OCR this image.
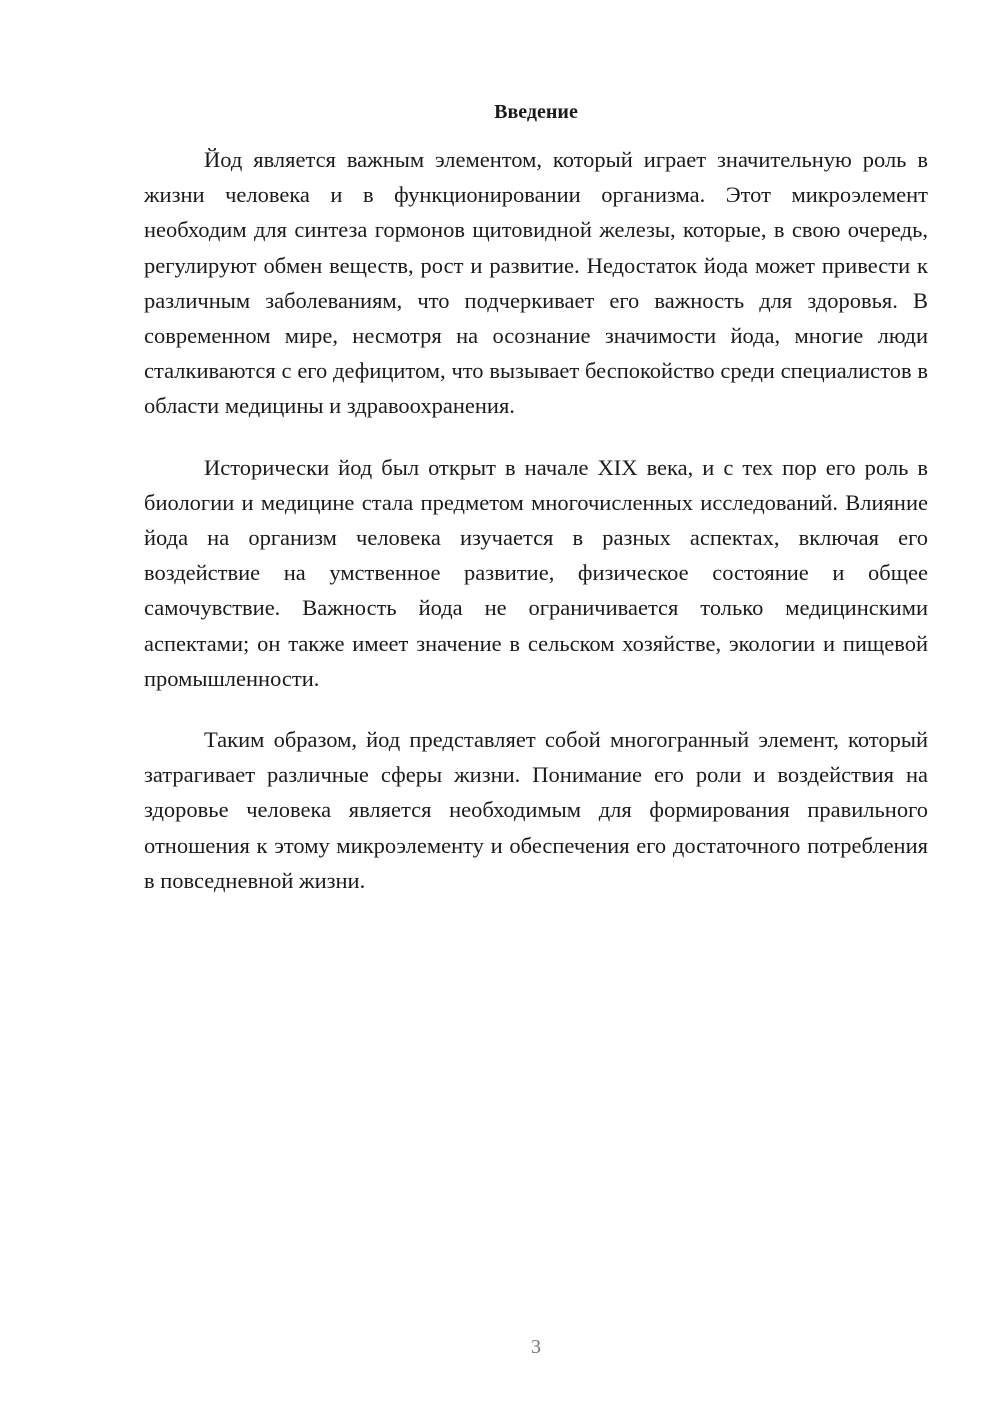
Введение

Йод является важным элементом, который играет значительную роль в жизни человека и в функционировании организма. Этот микроэлемент необходим для синтеза гормонов щитовидной железы, которые, в свою очередь, регулируют обмен веществ, рост и развитие. Недостаток йода может привести к различным заболеваниям, что подчеркивает его важность для здоровья. В современном мире, несмотря на осознание значимости йода, многие люди сталкиваются с его дефицитом, что вызывает беспокойство среди специалистов в области медицины и здравоохранения.

Исторически йод был открыт в начале XIX века, и с тех пор его роль в биологии и медицине стала предметом многочисленных исследований. Влияние йода на организм человека изучается в разных аспектах, включая его воздействие на умственное развитие, физическое состояние и общее самочувствие. Важность йода не ограничивается только медицинскими аспектами; он также имеет значение в сельском хозяйстве, экологии и пищевой промышленности.

Таким образом, йод представляет собой многогранный элемент, который затрагивает различные сферы жизни. Понимание его роли и воздействия на здоровье человека является необходимым для формирования правильного отношения к этому микроэлементу и обеспечения его достаточного потребления в повседневной жизни.

3
